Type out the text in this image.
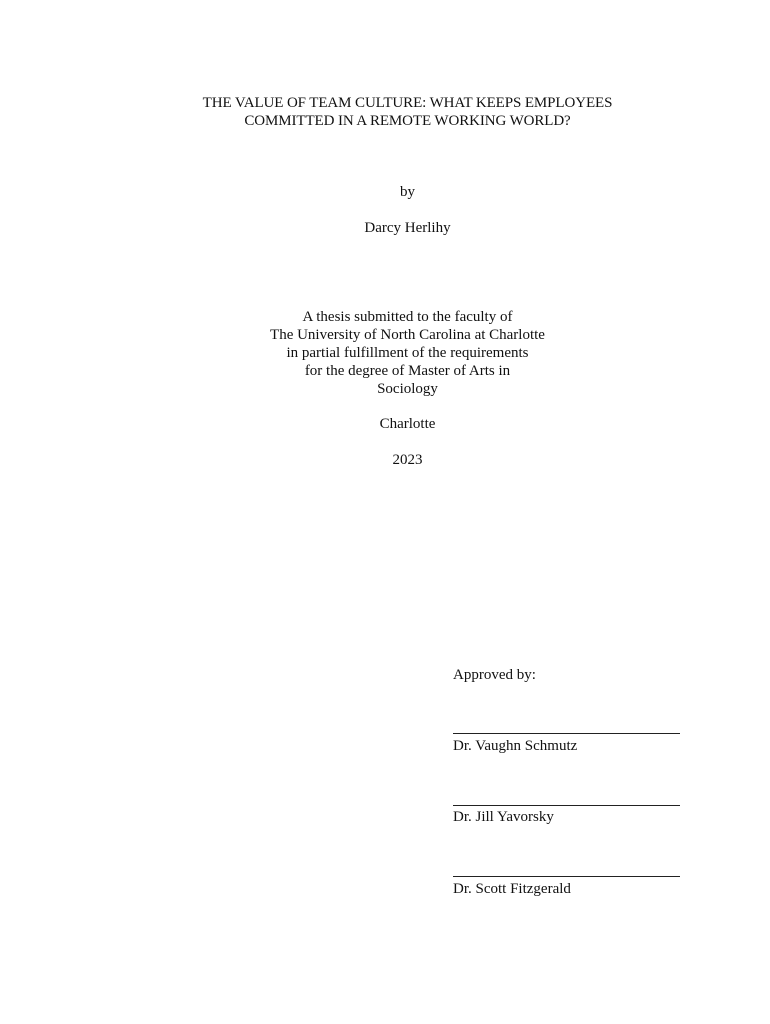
THE VALUE OF TEAM CULTURE: WHAT KEEPS EMPLOYEES
COMMITTED IN A REMOTE WORKING WORLD?
by
Darcy Herlihy
A thesis submitted to the faculty of
The University of North Carolina at Charlotte
in partial fulfillment of the requirements
for the degree of Master of Arts in
Sociology
Charlotte
2023
Approved by:
Dr. Vaughn Schmutz
Dr. Jill Yavorsky
Dr. Scott Fitzgerald
